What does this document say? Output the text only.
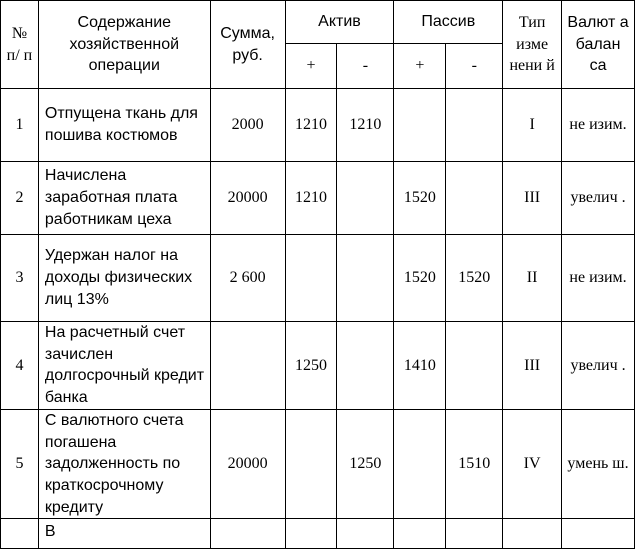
№ п/ п	Содержание хозяйственной операции	Сумма, руб.	Актив		Пассив		Тип изме нени й	Валют а балан са
			+	-	+	-		
1	Отпущена ткань для пошива костюмов	2000	1210	1210			I	не изим.
2	Начислена заработная плата работникам цеха	20000	1210		1520		III	увелич .
3	Удержан налог на доходы физических лиц 13%	2 600			1520	1520	II	не изим.
4	На расчетный счет зачислен долгосрочный кредит банка		1250		1410		III	увелич .
5	С валютного счета погашена задолженность по краткосрочному кредиту	20000		1250		1510	IV	умень ш.
	В							
